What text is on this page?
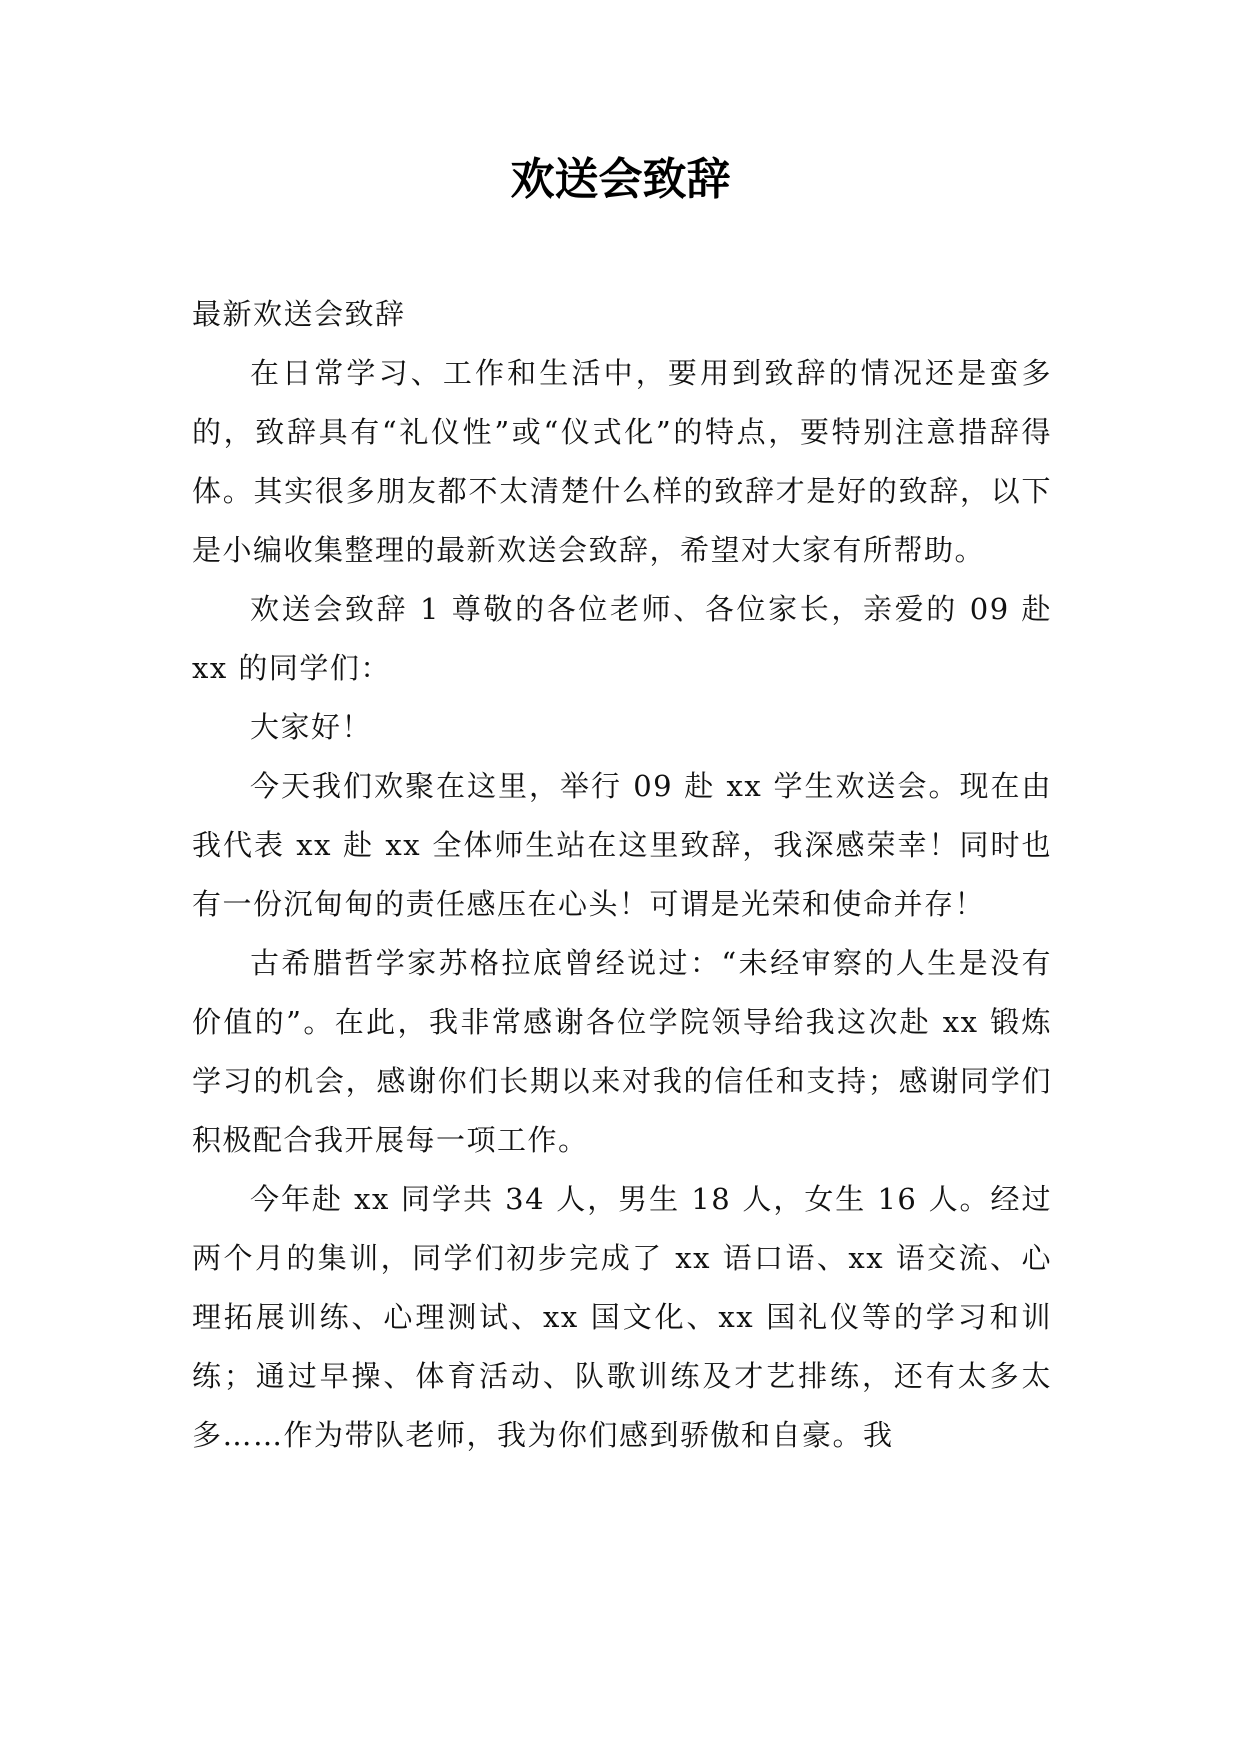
欢送会致辞

最新欢送会致辞

在日常学习、工作和生活中，要用到致辞的情况还是蛮多的，致辞具有“礼仪性”或“仪式化”的特点，要特别注意措辞得体。其实很多朋友都不太清楚什么样的致辞才是好的致辞，以下是小编收集整理的最新欢送会致辞，希望对大家有所帮助。

欢送会致辞 1 尊敬的各位老师、各位家长，亲爱的 09 赴 xx 的同学们：

大家好！

今天我们欢聚在这里，举行 09 赴 xx 学生欢送会。现在由我代表 xx 赴 xx 全体师生站在这里致辞，我深感荣幸！同时也有一份沉甸甸的责任感压在心头！可谓是光荣和使命并存！

古希腊哲学家苏格拉底曾经说过：“未经审察的人生是没有价值的”。在此，我非常感谢各位学院领导给我这次赴 xx 锻炼学习的机会，感谢你们长期以来对我的信任和支持；感谢同学们积极配合我开展每一项工作。

今年赴 xx 同学共 34 人，男生 18 人，女生 16 人。经过两个月的集训，同学们初步完成了 xx 语口语、xx 语交流、心理拓展训练、心理测试、xx 国文化、xx 国礼仪等的学习和训练；通过早操、体育活动、队歌训练及才艺排练，还有太多太多……作为带队老师，我为你们感到骄傲和自豪。我
